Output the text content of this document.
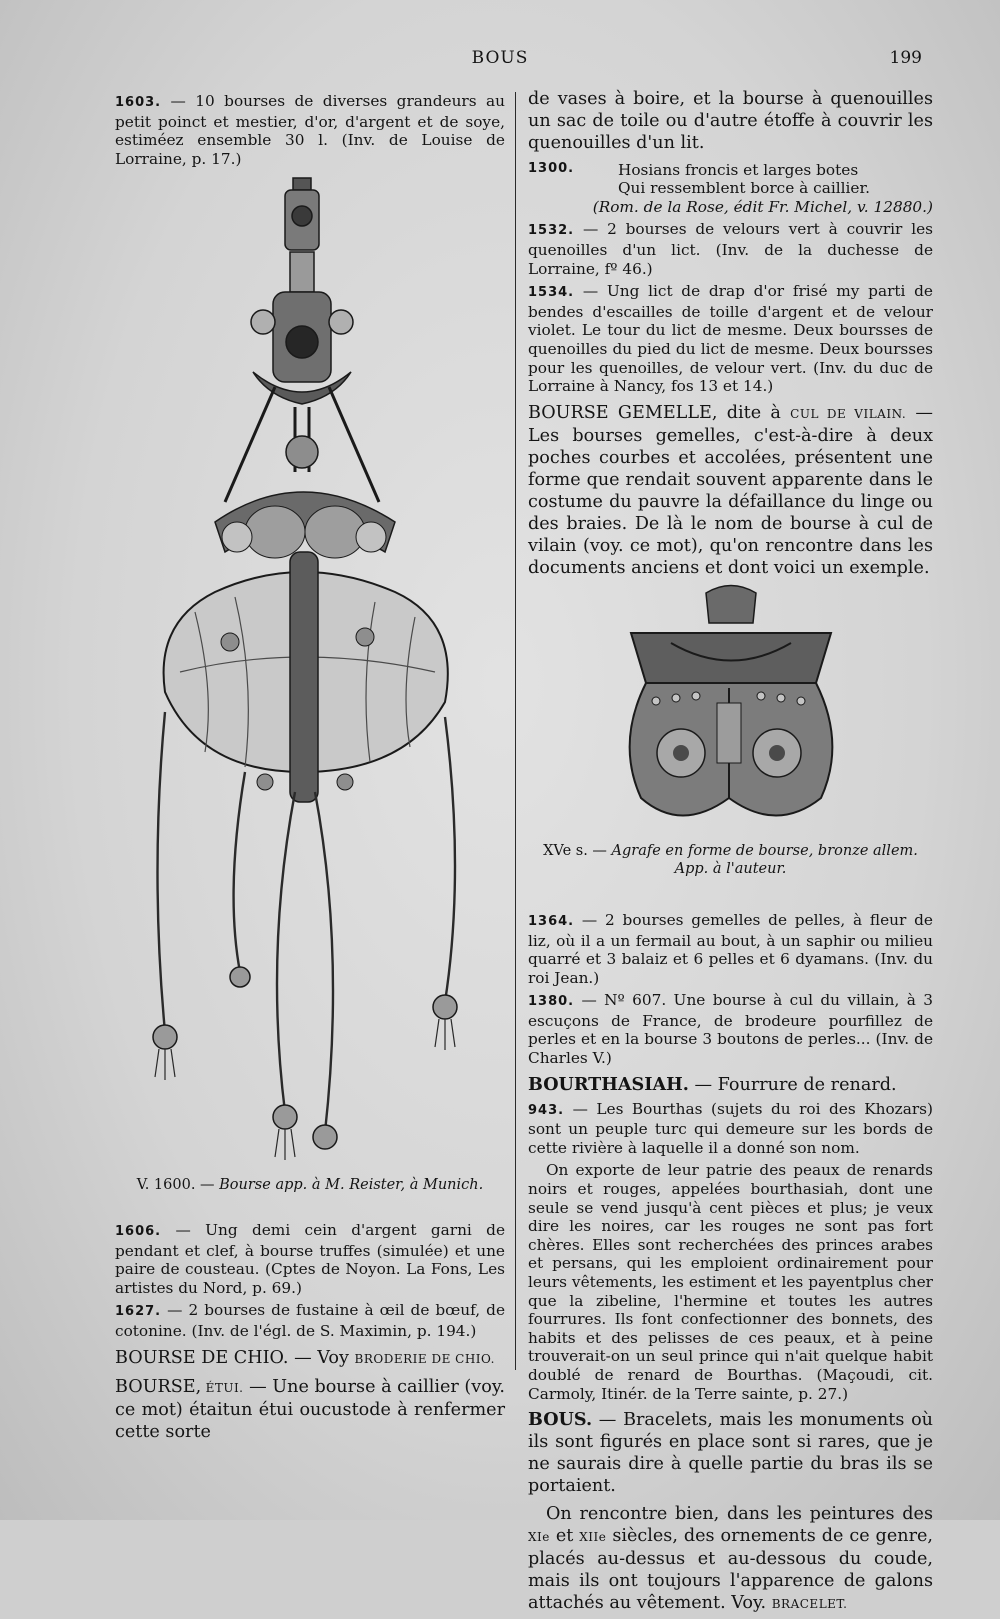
BOUS	199

1603. — 10 bourses de diverses grandeurs au petit poinct et mestier, d'or, d'argent et de soye, estiméez ensemble 30 l. (Inv. de Louise de Lorraine, p. 17.)

V. 1600. — Bourse app. à M. Reister, à Munich.

1606. — Ung demi cein d'argent garni de pendant et clef, à bourse truffes (simulée) et une paire de cousteau. (Cptes de Noyon. La Fons, Les artistes du Nord, p. 69.)

1627. — 2 bourses de fustaine à œil de bœuf, de cotonine. (Inv. de l'égl. de S. Maximin, p. 194.)

BOURSE DE CHIO. — Voy BRODERIE DE CHIO.

BOURSE, ÉTUI. — Une bourse à caillier (voy. ce mot) étaitun étui oucustode à renfermer cette sorte

de vases à boire, et la bourse à quenouilles un sac de toile ou d'autre étoffe à couvrir les quenouilles d'un lit.

1300.	Hosians froncis et larges botes

Qui ressemblent borce à caillier.

(Rom. de la Rose, édit Fr. Michel, v. 12880.)

1532. — 2 bourses de velours vert à couvrir les quenoilles d'un lict. (Inv. de la duchesse de Lorraine, fº 46.)

1534. — Ung lict de drap d'or frisé my parti de bendes d'escailles de toille d'argent et de velour violet. Le tour du lict de mesme. Deux boursses de quenoilles du pied du lict de mesme. Deux boursses pour les quenoilles, de velour vert. (Inv. du duc de Lorraine à Nancy, fos 13 et 14.)

BOURSE GEMELLE, dite à CUL DE VILAIN. — Les bourses gemelles, c'est-à-dire à deux poches courbes et accolées, présentent une forme que rendait souvent apparente dans le costume du pauvre la défaillance du linge ou des braies. De là le nom de bourse à cul de vilain (voy. ce mot), qu'on rencontre dans les documents anciens et dont voici un exemple.

XVe s. — Agrafe en forme de bourse, bronze allem.
App. à l'auteur.

1364. — 2 bourses gemelles de pelles, à fleur de liz, où il a un fermail au bout, à un saphir ou milieu quarré et 3 balaiz et 6 pelles et 6 dyamans. (Inv. du roi Jean.)

1380. — Nº 607. Une bourse à cul du villain, à 3 escuçons de France, de brodeure pourfillez de perles et en la bourse 3 boutons de perles... (Inv. de Charles V.)

BOURTHASIAH. — Fourrure de renard.

943. — Les Bourthas (sujets du roi des Khozars) sont un peuple turc qui demeure sur les bords de cette rivière à laquelle il a donné son nom.

On exporte de leur patrie des peaux de renards noirs et rouges, appelées bourthasiah, dont une seule se vend jusqu'à cent pièces et plus; je veux dire les noires, car les rouges ne sont pas fort chères. Elles sont recherchées des princes arabes et persans, qui les emploient ordinairement pour leurs vêtements, les estiment et les payentplus cher que la zibeline, l'hermine et toutes les autres fourrures. Ils font confectionner des bonnets, des habits et des pelisses de ces peaux, et à peine trouverait-on un seul prince qui n'ait quelque habit doublé de renard de Bourthas. (Maçoudi, cit. Carmoly, Itinér. de la Terre sainte, p. 27.)

BOUS. — Bracelets, mais les monuments où ils sont figurés en place sont si rares, que je ne saurais dire à quelle partie du bras ils se portaient.

On rencontre bien, dans les peintures des XIe et XIIe siècles, des ornements de ce genre, placés au-dessus et au-dessous du coude, mais ils ont toujours l'apparence de galons attachés au vêtement. Voy. BRACELET.
